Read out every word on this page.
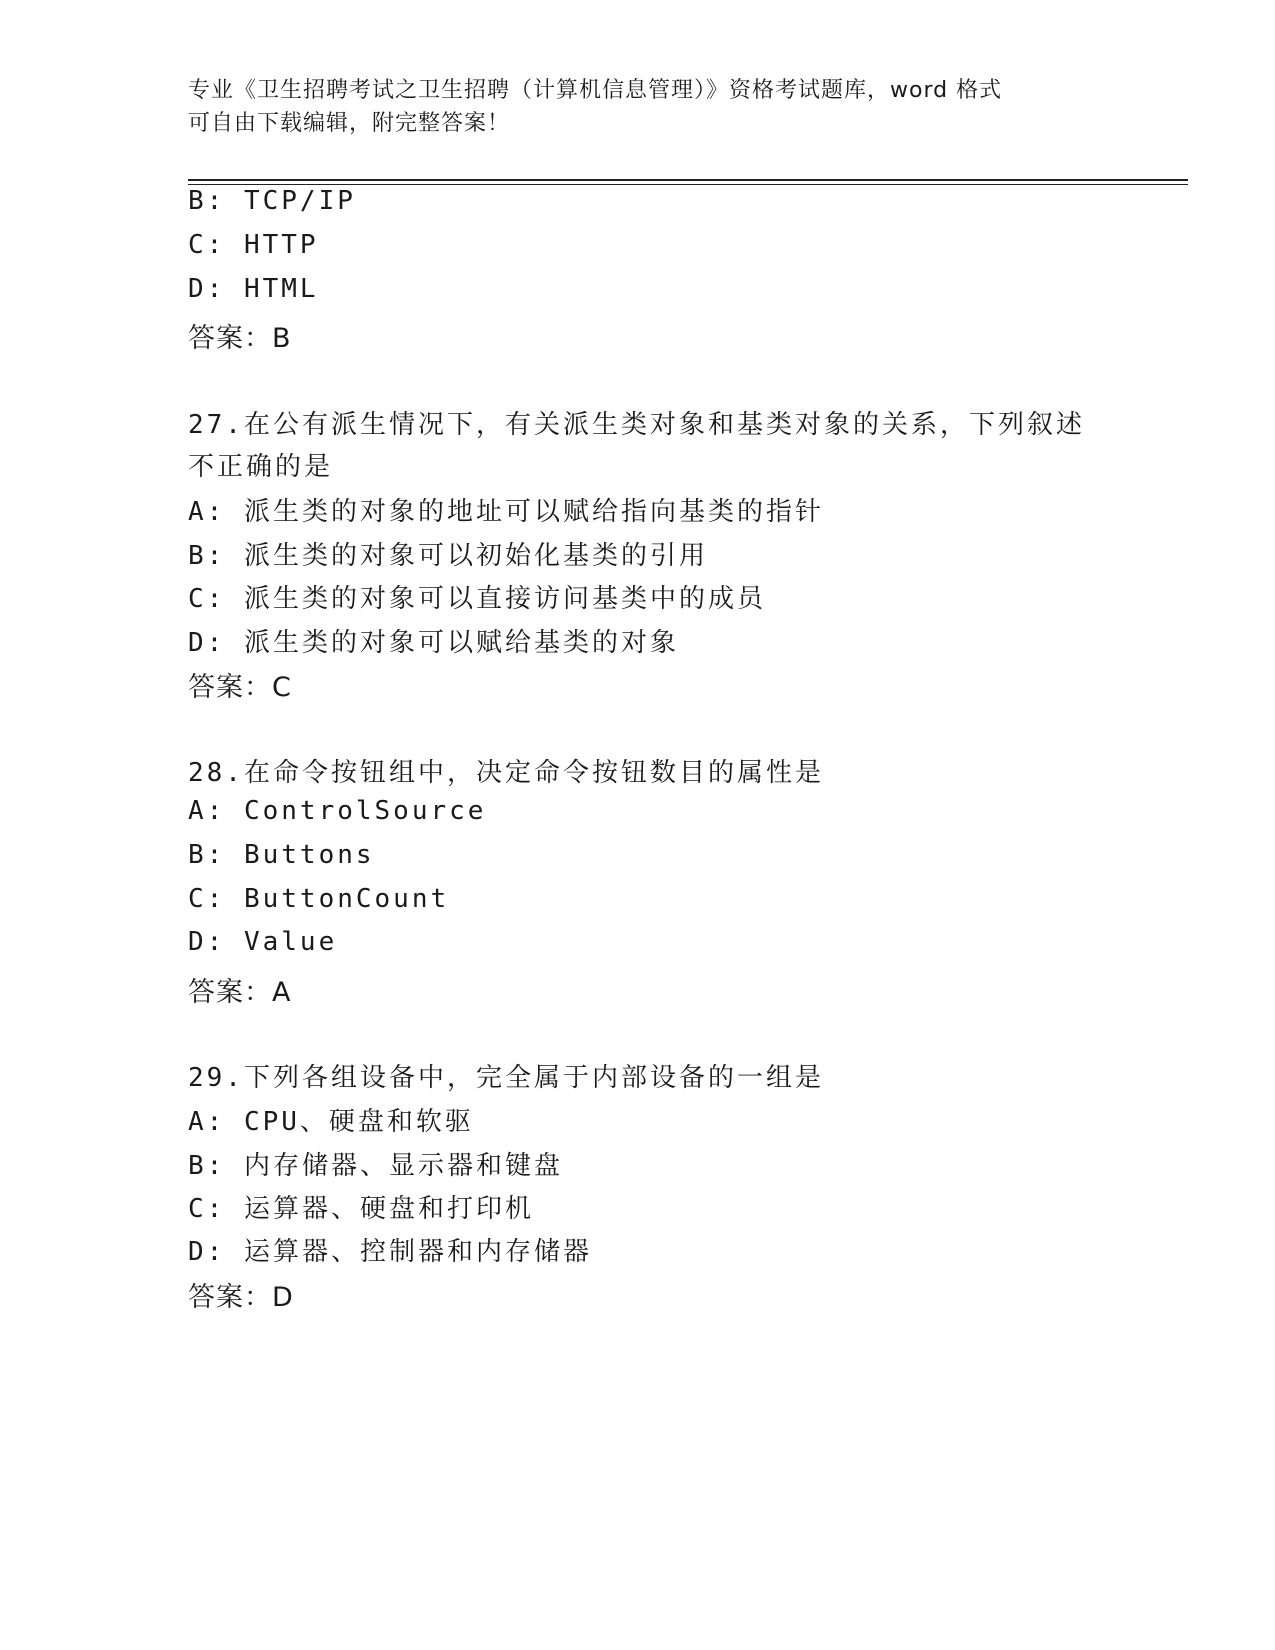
专业《卫生招聘考试之卫生招聘（计算机信息管理）》资格考试题库，word 格式

可自由下载编辑，附完整答案！

B: TCP/IP
C: HTTP
D: HTML
答案：B
27.在公有派生情况下，有关派生类对象和基类对象的关系，下列叙述
不正确的是
A: 派生类的对象的地址可以赋给指向基类的指针
B: 派生类的对象可以初始化基类的引用
C: 派生类的对象可以直接访问基类中的成员
D: 派生类的对象可以赋给基类的对象
答案：C
28.在命令按钮组中，决定命令按钮数目的属性是
A: ControlSource
B: Buttons
C: ButtonCount
D: Value
答案：A
29.下列各组设备中，完全属于内部设备的一组是
A: CPU、硬盘和软驱
B: 内存储器、显示器和键盘
C: 运算器、硬盘和打印机
D: 运算器、控制器和内存储器
答案：D
